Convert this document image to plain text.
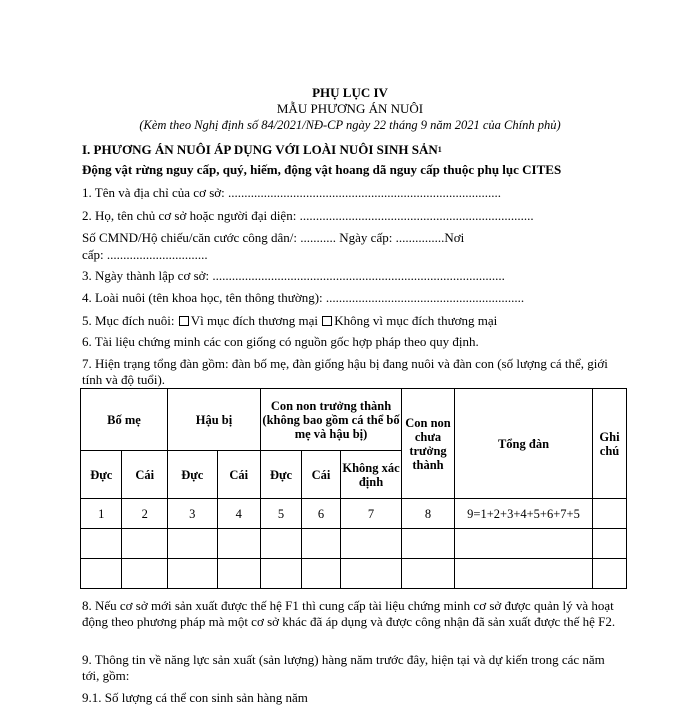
PHỤ LỤC IV
MẪU PHƯƠNG ÁN NUÔI
(Kèm theo Nghị định số 84/2021/NĐ-CP ngày 22 tháng 9 năm 2021 của Chính phủ)
I. PHƯƠNG ÁN NUÔI ÁP DỤNG VỚI LOÀI NUÔI SINH SẢN$^1$
Động vật rừng nguy cấp, quý, hiếm, động vật hoang dã nguy cấp thuộc phụ lục CITES
1. Tên và địa chỉ của cơ sở: ....................................................................................
2. Họ, tên chủ cơ sở hoặc người đại diện: ........................................................................
Số CMND/Hộ chiếu/căn cước công dân/: ........... Ngày cấp: ...............Nơi
cấp: ...............................
3. Ngày thành lập cơ sở: ..........................................................................................
4. Loài nuôi (tên khoa học, tên thông thường): .............................................................
5. Mục đích nuôi: Vì mục đích thương mại Không vì mục đích thương mại
6. Tài liệu chứng minh các con giống có nguồn gốc hợp pháp theo quy định.
7. Hiện trạng tổng đàn gồm: đàn bố mẹ, đàn giống hậu bị đang nuôi và đàn con (số lượng cá thể, giới tính và độ tuổi).
Bố mẹ		Hậu bị		Con non trưởng thành (không bao gồm cá thể bố mẹ và hậu bị)			Con non chưa trưởng thành	Tổng đàn	Ghi chú
Đực	Cái	Đực	Cái	Đực	Cái	Không xác định			
1	2	3	4	5	6	7	8	9=1+2+3+4+5+6+7+5	

8. Nếu cơ sở mới sản xuất được thế hệ F1 thì cung cấp tài liệu chứng minh cơ sở được quản lý và hoạt động theo phương pháp mà một cơ sở khác đã áp dụng và được công nhận đã sản xuất được thế hệ F2.
9. Thông tin về năng lực sản xuất (sản lượng) hàng năm trước đây, hiện tại và dự kiến trong các năm tới, gồm:
9.1. Số lượng cá thể con sinh sản hàng năm
